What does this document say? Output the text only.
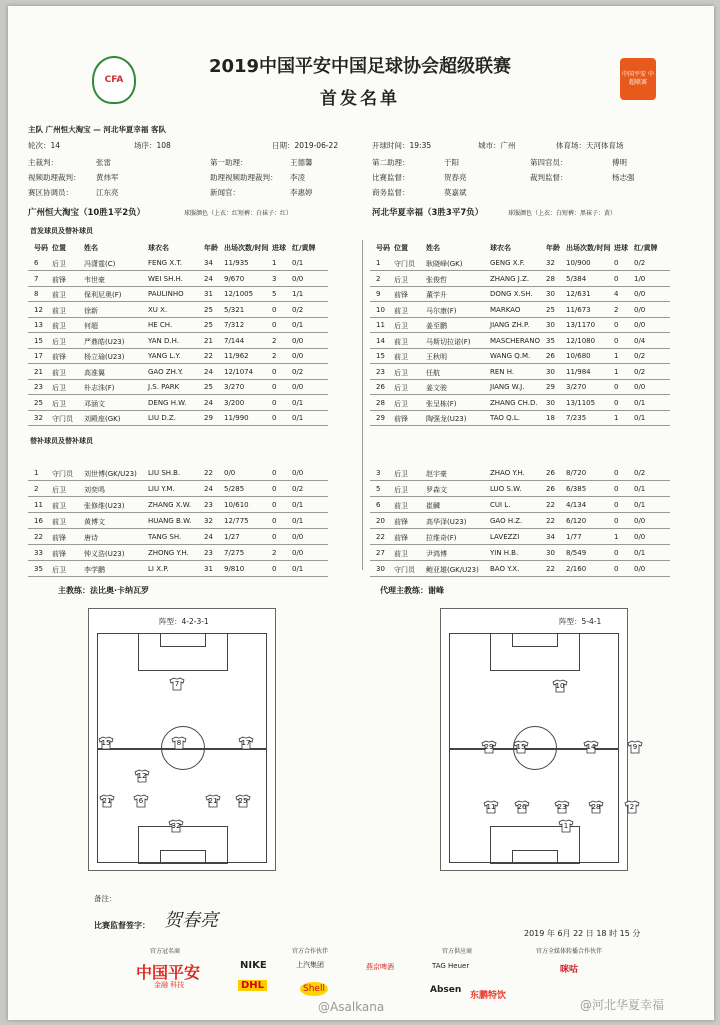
CFA
中国平安 中超联赛
2019中国平安中国足球协会超级联赛
首发名单
主队 广州恒大淘宝 — 河北华夏幸福 客队
轮次：14	场序：108	日期：2019-06-22	开球时间：19:35	城市：广州	体育场：天河体育场
主裁判：	张雷	第一助理：	王德馨	第二助理：	于阳	第四官员：	傅明
视频助理裁判： 黄炜军	助理视频助理裁判： 李凌	比赛监督：	贺春亮	裁判监督：	杨志强
赛区协调员：	江东亮	新闻官：	李惠婷	商务监督：	莫嘉斌
广州恒大淘宝（10胜1平2负）	球服颜色（上衣：红短裤：白袜子：红）	河北华夏幸福（3胜3平7负）	球服颜色（上衣：白短裤：黑袜子：黄）
首发球员及替补球员
替补球员及替补球员
号码 位置	姓名	球衣名	年龄 出场次数/时间 进球 红/黄牌	号码 位置	姓名	球衣名	年龄 出场次数/时间 进球 红/黄牌
6 后卫	冯潇霆(C)	FENG X.T.	34 11/935	1 0/1
7 前锋	韦世豪	WEI SH.H.	24 9/670	3 0/0
8 前卫	保利尼奥(F)	PAULINHO	31 12/1005	5 1/1
12 前卫	徐新	XU X.	25 5/321	0 0/2
13 前卫	何超	HE CH.	25 7/312	0 0/1
15 后卫	严鼎皓(U23)	YAN D.H.	21 7/144	2 0/0
17 前锋	杨立瑜(U23)	YANG L.Y.	22 11/962	2 0/0
21 前卫	高准翼	GAO ZH.Y.	24 12/1074	0 0/2
23 后卫	朴志洙(F)	J.S. PARK	25 3/270	0 0/0
25 后卫	邓涵文	DENG H.W.	24 3/200	0 0/1
32 守门员 刘殿座(GK)	LIU D.Z.	29 11/990	0 0/1
1 守门员 耿晓峰(GK)	GENG X.F.	32 10/900	0 0/2
2 后卫	张俊哲	ZHANG J.Z. 28 5/384	0 1/0
9 前锋	董学升	DONG X.SH. 30 12/631	4 0/0
10 前卫	马尔康(F)	MARKAO	25 11/673	2 0/0
11 后卫	姜至鹏	JIANG ZH.P. 30 13/1170	0 0/0
14 前卫	马斯切拉诺(F)	MASCHERANO 35 12/1080	0 0/4
15 前卫	王秋明	WANG Q.M. 26 10/680	1 0/2
23 后卫	任航	REN H.	30 11/984	1 0/2
26 后卫	姜文骏	JIANG W.J.	29 3/270	0 0/0
28 后卫	张呈栋(F)	ZHANG CH.D. 30 13/1105	0 0/1
29 前锋	陶强龙(U23)	TAO Q.L.	18 7/235	1 0/1
1 守门员 刘世博(GK/U23) LIU SH.B.	22 0/0	0 0/0
2 后卫	刘奕鸣	LIU Y.M.	24 5/285	0 0/2
11 前卫	张修维(U23)	ZHANG X.W. 23 10/610	0 0/1
16 前卫	黄博文	HUANG B.W. 32 12/775	0 0/1
22 前锋	唐诗	TANG SH.	24 1/27	0 0/0
33 前锋	钟义浩(U23)	ZHONG Y.H. 23 7/275	2 0/0
35 后卫	李学鹏	LI X.P.	31 9/810	0 0/1
3 后卫	赵宇豪	ZHAO Y.H.	26 8/720	0 0/2
5 后卫	罗森文	LUO S.W.	26 6/385	0 0/1
6 前卫	崔麟	CUI L.	22 4/134	0 0/1
20 前锋	高华泽(U23)	GAO H.Z.	22 6/120	0 0/0
22 前锋	拉维奇(F)	LAVEZZI	34 1/77	1 0/0
27 前卫	尹鸿博	YIN H.B.	30 8/549	0 0/1
30 守门员 鲍亚雄(GK/U23) BAO Y.X.	22 2/160	0 0/0
主教练：法比奥·卡纳瓦罗	代理主教练：谢峰
阵型：4-2-3-1	阵型：5-4-1
7
15	8	17
12
21	6	21	25
32
10
29	15	14	9
11	26	23	28	2
1
备注：
比赛监督签字： 贺春亮
2019 年 6月 22 日 18 时 15 分
官方冠名商	官方合作伙伴	官方供应商	官方全媒体转播合作伙伴
中国平安
金融 科技
NIKE
DHL
上汽集团
Shell
燕京啤酒	TAG Heuer
Absen
东鹏特饮
咪咕
@Asalkana	@河北华夏幸福
